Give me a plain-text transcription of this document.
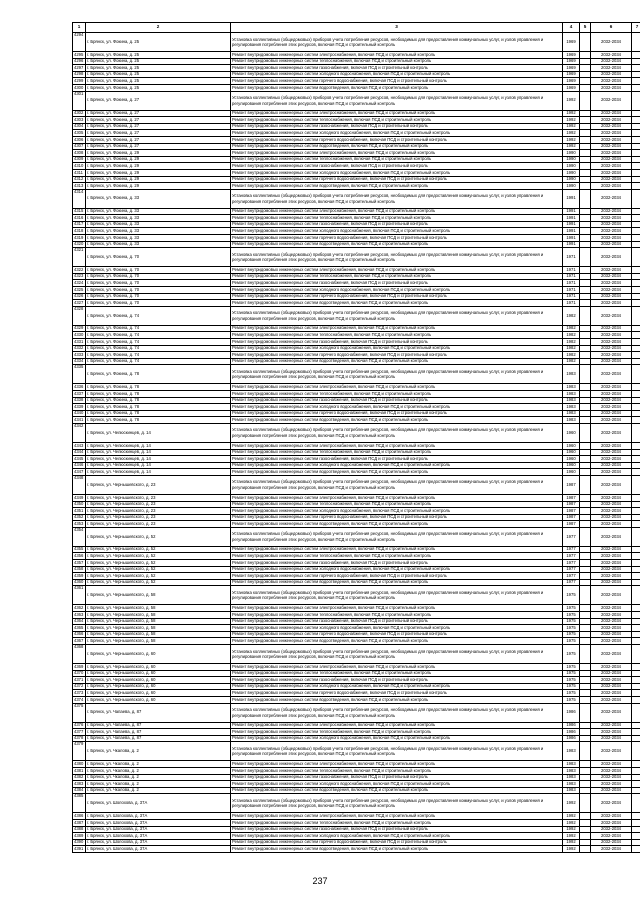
1	2	3	4	5	6	7
4294	г. Брянск, ул. Фокина, д. 25	Установка коллективных (общедомовых) приборов учета потребления ресурсов, необходимых для предоставления коммунальных услуг, и узлов управления и регулирования потребления этих ресурсов, включая ПСД и строительный контроль	1969		2032-2034	
4295	г. Брянск, ул. Фокина, д. 25	Ремонт внутридомовых инженерных систем электроснабжения, включая ПСД и строительный контроль	1969		2032-2034	
4296	г. Брянск, ул. Фокина, д. 25	Ремонт внутридомовых инженерных систем теплоснабжения, включая ПСД и строительный контроль	1969		2032-2034	
4297	г. Брянск, ул. Фокина, д. 25	Ремонт внутридомовых инженерных систем газоснабжения, включая ПСД и строительный контроль	1969		2032-2034	
4298	г. Брянск, ул. Фокина, д. 25	Ремонт внутридомовых инженерных систем холодного водоснабжения, включая ПСД и строительный контроль	1969		2032-2034	
4299	г. Брянск, ул. Фокина, д. 25	Ремонт внутридомовых инженерных систем горячего водоснабжения, включая ПСД и строительный контроль	1969		2032-2034	
4300	г. Брянск, ул. Фокина, д. 25	Ремонт внутридомовых инженерных систем водоотведения, включая ПСД и строительный контроль	1969		2032-2034	
4301	г. Брянск, ул. Фокина, д. 27	Установка коллективных (общедомовых) приборов учета потребления ресурсов, необходимых для предоставления коммунальных услуг, и узлов управления и регулирования потребления этих ресурсов, включая ПСД и строительный контроль	1992		2032-2034	
4302	г. Брянск, ул. Фокина, д. 27	Ремонт внутридомовых инженерных систем электроснабжения, включая ПСД и строительный контроль	1992		2032-2034	
4303	г. Брянск, ул. Фокина, д. 27	Ремонт внутридомовых инженерных систем теплоснабжения, включая ПСД и строительный контроль	1992		2032-2034	
4304	г. Брянск, ул. Фокина, д. 27	Ремонт внутридомовых инженерных систем газоснабжения, включая ПСД и строительный контроль	1992		2032-2034	
4305	г. Брянск, ул. Фокина, д. 27	Ремонт внутридомовых инженерных систем холодного водоснабжения, включая ПСД и строительный контроль	1992		2032-2034	
4306	г. Брянск, ул. Фокина, д. 27	Ремонт внутридомовых инженерных систем горячего водоснабжения, включая ПСД и строительный контроль	1992		2032-2034	
4307	г. Брянск, ул. Фокина, д. 27	Ремонт внутридомовых инженерных систем водоотведения, включая ПСД и строительный контроль	1992		2032-2034	
4308	г. Брянск, ул. Фокина, д. 29	Ремонт внутридомовых инженерных систем электроснабжения, включая ПСД и строительный контроль	1990		2032-2034	
4309	г. Брянск, ул. Фокина, д. 29	Ремонт внутридомовых инженерных систем теплоснабжения, включая ПСД и строительный контроль	1990		2032-2034	
4310	г. Брянск, ул. Фокина, д. 29	Ремонт внутридомовых инженерных систем газоснабжения, включая ПСД и строительный контроль	1990		2032-2034	
4311	г. Брянск, ул. Фокина, д. 29	Ремонт внутридомовых инженерных систем холодного водоснабжения, включая ПСД и строительный контроль	1990		2032-2034	
4312	г. Брянск, ул. Фокина, д. 29	Ремонт внутридомовых инженерных систем горячего водоснабжения, включая ПСД и строительный контроль	1990		2032-2034	
4313	г. Брянск, ул. Фокина, д. 29	Ремонт внутридомовых инженерных систем водоотведения, включая ПСД и строительный контроль	1990		2032-2034	
4314	г. Брянск, ул. Фокина, д. 33	Установка коллективных (общедомовых) приборов учета потребления ресурсов, необходимых для предоставления коммунальных услуг, и узлов управления и регулирования потребления этих ресурсов, включая ПСД и строительный контроль	1991		2032-2034	
4315	г. Брянск, ул. Фокина, д. 33	Ремонт внутридомовых инженерных систем электроснабжения, включая ПСД и строительный контроль	1991		2032-2034	
4316	г. Брянск, ул. Фокина, д. 33	Ремонт внутридомовых инженерных систем теплоснабжения, включая ПСД и строительный контроль	1991		2032-2034	
4317	г. Брянск, ул. Фокина, д. 33	Ремонт внутридомовых инженерных систем газоснабжения, включая ПСД и строительный контроль	1991		2032-2034	
4318	г. Брянск, ул. Фокина, д. 33	Ремонт внутридомовых инженерных систем холодного водоснабжения, включая ПСД и строительный контроль	1991		2032-2034	
4319	г. Брянск, ул. Фокина, д. 33	Ремонт внутридомовых инженерных систем горячего водоснабжения, включая ПСД и строительный контроль	1991		2032-2034	
4320	г. Брянск, ул. Фокина, д. 33	Ремонт внутридомовых инженерных систем водоотведения, включая ПСД и строительный контроль	1991		2032-2034	
4321	г. Брянск, ул. Фокина, д. 70	Установка коллективных (общедомовых) приборов учета потребления ресурсов, необходимых для предоставления коммунальных услуг, и узлов управления и регулирования потребления этих ресурсов, включая ПСД и строительный контроль	1971		2032-2034	
4322	г. Брянск, ул. Фокина, д. 70	Ремонт внутридомовых инженерных систем электроснабжения, включая ПСД и строительный контроль	1971		2032-2034	
4323	г. Брянск, ул. Фокина, д. 70	Ремонт внутридомовых инженерных систем теплоснабжения, включая ПСД и строительный контроль	1971		2032-2034	
4324	г. Брянск, ул. Фокина, д. 70	Ремонт внутридомовых инженерных систем газоснабжения, включая ПСД и строительный контроль	1971		2032-2034	
4325	г. Брянск, ул. Фокина, д. 70	Ремонт внутридомовых инженерных систем холодного водоснабжения, включая ПСД и строительный контроль	1971		2032-2034	
4326	г. Брянск, ул. Фокина, д. 70	Ремонт внутридомовых инженерных систем горячего водоснабжения, включая ПСД и строительный контроль	1971		2032-2034	
4327	г. Брянск, ул. Фокина, д. 70	Ремонт внутридомовых инженерных систем водоотведения, включая ПСД и строительный контроль	1971		2032-2034	
4328	г. Брянск, ул. Фокина, д. 74	Установка коллективных (общедомовых) приборов учета потребления ресурсов, необходимых для предоставления коммунальных услуг, и узлов управления и регулирования потребления этих ресурсов, включая ПСД и строительный контроль	1982		2032-2034	
4329	г. Брянск, ул. Фокина, д. 74	Ремонт внутридомовых инженерных систем электроснабжения, включая ПСД и строительный контроль	1982		2032-2034	
4330	г. Брянск, ул. Фокина, д. 74	Ремонт внутридомовых инженерных систем теплоснабжения, включая ПСД и строительный контроль	1982		2032-2034	
4331	г. Брянск, ул. Фокина, д. 74	Ремонт внутридомовых инженерных систем газоснабжения, включая ПСД и строительный контроль	1982		2032-2034	
4332	г. Брянск, ул. Фокина, д. 74	Ремонт внутридомовых инженерных систем холодного водоснабжения, включая ПСД и строительный контроль	1982		2032-2034	
4333	г. Брянск, ул. Фокина, д. 74	Ремонт внутридомовых инженерных систем горячего водоснабжения, включая ПСД и строительный контроль	1982		2032-2034	
4334	г. Брянск, ул. Фокина, д. 74	Ремонт внутридомовых инженерных систем водоотведения, включая ПСД и строительный контроль	1982		2032-2034	
4335	г. Брянск, ул. Фокина, д. 78	Установка коллективных (общедомовых) приборов учета потребления ресурсов, необходимых для предоставления коммунальных услуг, и узлов управления и регулирования потребления этих ресурсов, включая ПСД и строительный контроль	1983		2032-2034	
4336	г. Брянск, ул. Фокина, д. 78	Ремонт внутридомовых инженерных систем электроснабжения, включая ПСД и строительный контроль	1983		2032-2034	
4337	г. Брянск, ул. Фокина, д. 78	Ремонт внутридомовых инженерных систем теплоснабжения, включая ПСД и строительный контроль	1983		2032-2034	
4338	г. Брянск, ул. Фокина, д. 78	Ремонт внутридомовых инженерных систем газоснабжения, включая ПСД и строительный контроль	1983		2032-2034	
4339	г. Брянск, ул. Фокина, д. 78	Ремонт внутридомовых инженерных систем холодного водоснабжения, включая ПСД и строительный контроль	1983		2032-2034	
4340	г. Брянск, ул. Фокина, д. 78	Ремонт внутридомовых инженерных систем горячего водоснабжения, включая ПСД и строительный контроль	1983		2032-2034	
4341	г. Брянск, ул. Фокина, д. 78	Ремонт внутридомовых инженерных систем водоотведения, включая ПСД и строительный контроль	1983		2032-2034	
4342	г. Брянск, ул. Челюскинцев, д. 14	Установка коллективных (общедомовых) приборов учета потребления ресурсов, необходимых для предоставления коммунальных услуг, и узлов управления и регулирования потребления этих ресурсов, включая ПСД и строительный контроль	1960		2032-2034	
4343	г. Брянск, ул. Челюскинцев, д. 14	Ремонт внутридомовых инженерных систем электроснабжения, включая ПСД и строительный контроль	1960		2032-2034	
4344	г. Брянск, ул. Челюскинцев, д. 14	Ремонт внутридомовых инженерных систем теплоснабжения, включая ПСД и строительный контроль	1960		2032-2034	
4345	г. Брянск, ул. Челюскинцев, д. 14	Ремонт внутридомовых инженерных систем газоснабжения, включая ПСД и строительный контроль	1960		2032-2034	
4346	г. Брянск, ул. Челюскинцев, д. 14	Ремонт внутридомовых инженерных систем холодного водоснабжения, включая ПСД и строительный контроль	1960		2032-2034	
4347	г. Брянск, ул. Челюскинцев, д. 14	Ремонт внутридомовых инженерных систем водоотведения, включая ПСД и строительный контроль	1960		2032-2034	
4348	г. Брянск, ул. Чернышевского, д. 23	Установка коллективных (общедомовых) приборов учета потребления ресурсов, необходимых для предоставления коммунальных услуг, и узлов управления и регулирования потребления этих ресурсов, включая ПСД и строительный контроль	1987		2032-2034	
4349	г. Брянск, ул. Чернышевского, д. 23	Ремонт внутридомовых инженерных систем электроснабжения, включая ПСД и строительный контроль	1987		2032-2034	
4350	г. Брянск, ул. Чернышевского, д. 23	Ремонт внутридомовых инженерных систем теплоснабжения, включая ПСД и строительный контроль	1987		2032-2034	
4351	г. Брянск, ул. Чернышевского, д. 23	Ремонт внутридомовых инженерных систем холодного водоснабжения, включая ПСД и строительный контроль	1987		2032-2034	
4352	г. Брянск, ул. Чернышевского, д. 23	Ремонт внутридомовых инженерных систем горячего водоснабжения, включая ПСД и строительный контроль	1987		2032-2034	
4353	г. Брянск, ул. Чернышевского, д. 23	Ремонт внутридомовых инженерных систем водоотведения, включая ПСД и строительный контроль	1987		2032-2034	
4354	г. Брянск, ул. Чернышевского, д. 52	Установка коллективных (общедомовых) приборов учета потребления ресурсов, необходимых для предоставления коммунальных услуг, и узлов управления и регулирования потребления этих ресурсов, включая ПСД и строительный контроль	1977		2032-2034	
4355	г. Брянск, ул. Чернышевского, д. 52	Ремонт внутридомовых инженерных систем электроснабжения, включая ПСД и строительный контроль	1977		2032-2034	
4356	г. Брянск, ул. Чернышевского, д. 52	Ремонт внутридомовых инженерных систем теплоснабжения, включая ПСД и строительный контроль	1977		2032-2034	
4357	г. Брянск, ул. Чернышевского, д. 52	Ремонт внутридомовых инженерных систем газоснабжения, включая ПСД и строительный контроль	1977		2032-2034	
4358	г. Брянск, ул. Чернышевского, д. 52	Ремонт внутридомовых инженерных систем холодного водоснабжения, включая ПСД и строительный контроль	1977		2032-2034	
4359	г. Брянск, ул. Чернышевского, д. 52	Ремонт внутридомовых инженерных систем горячего водоснабжения, включая ПСД и строительный контроль	1977		2032-2034	
4360	г. Брянск, ул. Чернышевского, д. 52	Ремонт внутридомовых инженерных систем водоотведения, включая ПСД и строительный контроль	1977		2032-2034	
4361	г. Брянск, ул. Чернышевского, д. 58	Установка коллективных (общедомовых) приборов учета потребления ресурсов, необходимых для предоставления коммунальных услуг, и узлов управления и регулирования потребления этих ресурсов, включая ПСД и строительный контроль	1975		2032-2034	
4362	г. Брянск, ул. Чернышевского, д. 58	Ремонт внутридомовых инженерных систем электроснабжения, включая ПСД и строительный контроль	1975		2032-2034	
4363	г. Брянск, ул. Чернышевского, д. 58	Ремонт внутридомовых инженерных систем теплоснабжения, включая ПСД и строительный контроль	1975		2032-2034	
4364	г. Брянск, ул. Чернышевского, д. 58	Ремонт внутридомовых инженерных систем газоснабжения, включая ПСД и строительный контроль	1975		2032-2034	
4365	г. Брянск, ул. Чернышевского, д. 58	Ремонт внутридомовых инженерных систем холодного водоснабжения, включая ПСД и строительный контроль	1975		2032-2034	
4366	г. Брянск, ул. Чернышевского, д. 58	Ремонт внутридомовых инженерных систем горячего водоснабжения, включая ПСД и строительный контроль	1975		2032-2034	
4367	г. Брянск, ул. Чернышевского, д. 58	Ремонт внутридомовых инженерных систем водоотведения, включая ПСД и строительный контроль	1975		2032-2034	
4368	г. Брянск, ул. Чернышевского, д. 60	Установка коллективных (общедомовых) приборов учета потребления ресурсов, необходимых для предоставления коммунальных услуг, и узлов управления и регулирования потребления этих ресурсов, включая ПСД и строительный контроль	1975		2032-2034	
4369	г. Брянск, ул. Чернышевского, д. 60	Ремонт внутридомовых инженерных систем электроснабжения, включая ПСД и строительный контроль	1975		2032-2034	
4370	г. Брянск, ул. Чернышевского, д. 60	Ремонт внутридомовых инженерных систем теплоснабжения, включая ПСД и строительный контроль	1975		2032-2034	
4371	г. Брянск, ул. Чернышевского, д. 60	Ремонт внутридомовых инженерных систем газоснабжения, включая ПСД и строительный контроль	1975		2032-2034	
4372	г. Брянск, ул. Чернышевского, д. 60	Ремонт внутридомовых инженерных систем холодного водоснабжения, включая ПСД и строительный контроль	1975		2032-2034	
4373	г. Брянск, ул. Чернышевского, д. 60	Ремонт внутридомовых инженерных систем горячего водоснабжения, включая ПСД и строительный контроль	1975		2032-2034	
4374	г. Брянск, ул. Чернышевского, д. 60	Ремонт внутридомовых инженерных систем водоотведения, включая ПСД и строительный контроль	1975		2032-2034	
4375	г. Брянск, ул. Чапаева, д. 87	Установка коллективных (общедомовых) приборов учета потребления ресурсов, необходимых для предоставления коммунальных услуг, и узлов управления и регулирования потребления этих ресурсов, включая ПСД и строительный контроль	1986		2032-2034	
4376	г. Брянск, ул. Чапаева, д. 87	Ремонт внутридомовых инженерных систем электроснабжения, включая ПСД и строительный контроль	1986		2032-2034	
4377	г. Брянск, ул. Чапаева, д. 87	Ремонт внутридомовых инженерных систем теплоснабжения, включая ПСД и строительный контроль	1986		2032-2034	
4378	г. Брянск, ул. Чапаева, д. 87	Ремонт внутридомовых инженерных систем холодного водоснабжения, включая ПСД и строительный контроль	1986		2032-2034	
4379	г. Брянск, ул. Чкалова, д. 2	Установка коллективных (общедомовых) приборов учета потребления ресурсов, необходимых для предоставления коммунальных услуг, и узлов управления и регулирования потребления этих ресурсов, включая ПСД и строительный контроль	1983		2032-2034	
4380	г. Брянск, ул. Чкалова, д. 2	Ремонт внутридомовых инженерных систем электроснабжения, включая ПСД и строительный контроль	1983		2032-2034	
4381	г. Брянск, ул. Чкалова, д. 2	Ремонт внутридомовых инженерных систем теплоснабжения, включая ПСД и строительный контроль	1983		2032-2034	
4382	г. Брянск, ул. Чкалова, д. 2	Ремонт внутридомовых инженерных систем газоснабжения, включая ПСД и строительный контроль	1983		2032-2034	
4383	г. Брянск, ул. Чкалова, д. 2	Ремонт внутридомовых инженерных систем холодного водоснабжения, включая ПСД и строительный контроль	1983		2032-2034	
4384	г. Брянск, ул. Чкалова, д. 2	Ремонт внутридомовых инженерных систем водоотведения, включая ПСД и строительный контроль	1983		2032-2034	
4385	г. Брянск, ул. Шолохова, д. 37А	Установка коллективных (общедомовых) приборов учета потребления ресурсов, необходимых для предоставления коммунальных услуг, и узлов управления и регулирования потребления этих ресурсов, включая ПСД и строительный контроль	1992		2032-2034	
4386	г. Брянск, ул. Шолохова, д. 37А	Ремонт внутридомовых инженерных систем электроснабжения, включая ПСД и строительный контроль	1992		2032-2034	
4387	г. Брянск, ул. Шолохова, д. 37А	Ремонт внутридомовых инженерных систем теплоснабжения, включая ПСД и строительный контроль	1992		2032-2034	
4388	г. Брянск, ул. Шолохова, д. 37А	Ремонт внутридомовых инженерных систем газоснабжения, включая ПСД и строительный контроль	1992		2032-2034	
4389	г. Брянск, ул. Шолохова, д. 37А	Ремонт внутридомовых инженерных систем холодного водоснабжения, включая ПСД и строительный контроль	1992		2032-2034	
4390	г. Брянск, ул. Шолохова, д. 37А	Ремонт внутридомовых инженерных систем горячего водоснабжения, включая ПСД и строительный контроль	1992		2032-2034	
4391	г. Брянск, ул. Шолохова, д. 37А	Ремонт внутридомовых инженерных систем водоотведения, включая ПСД и строительный контроль	1992		2032-2034	
237
